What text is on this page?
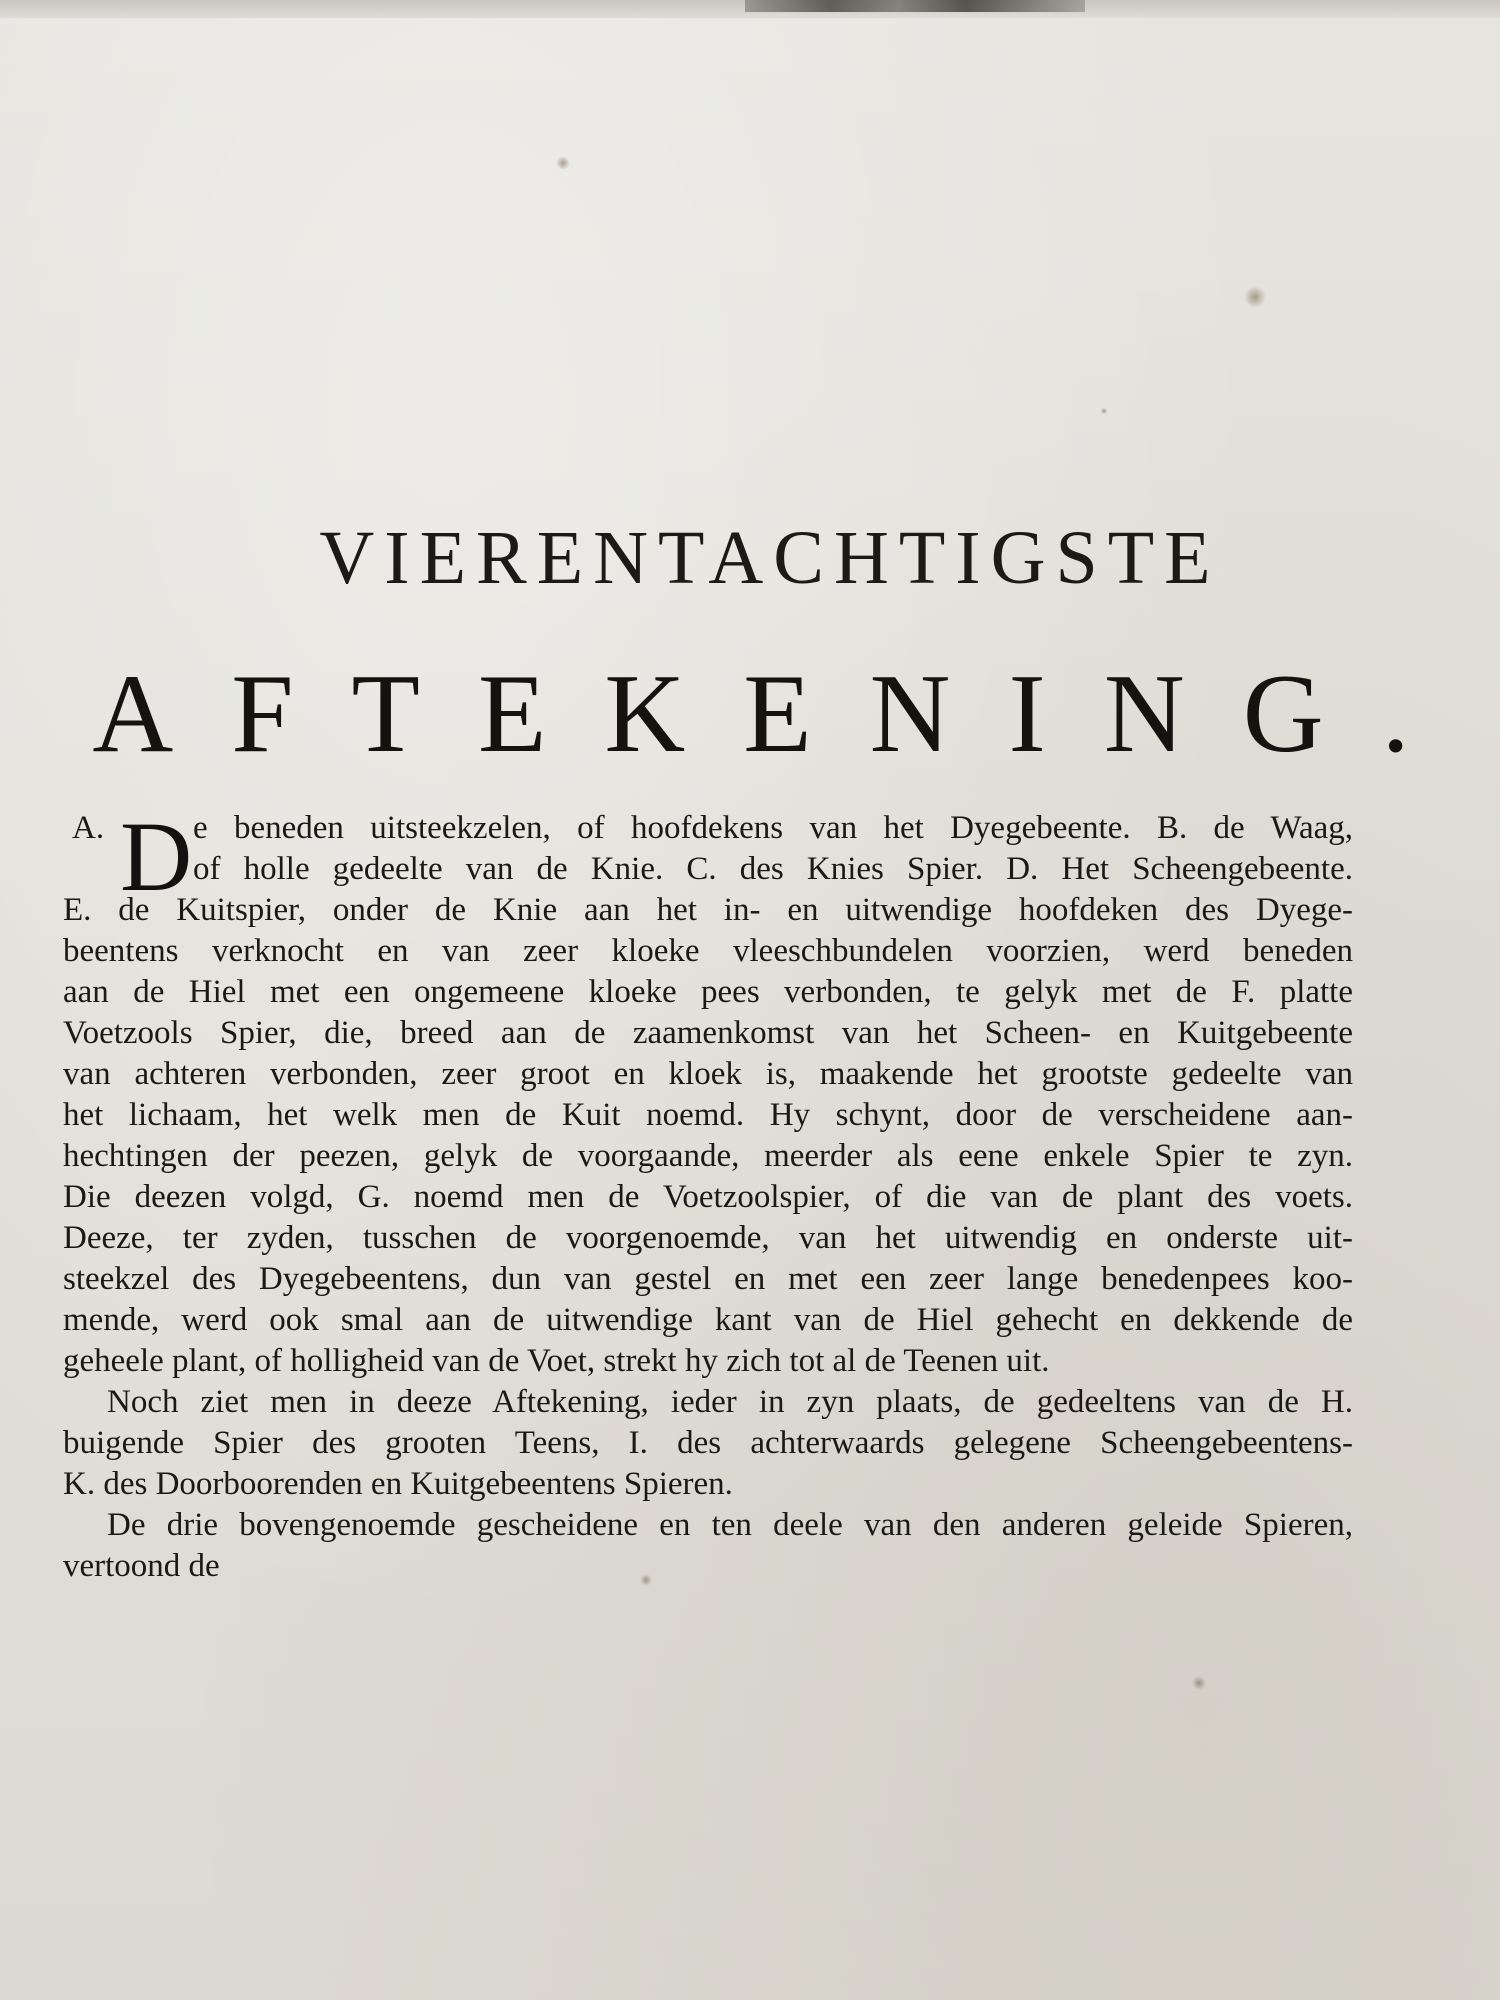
VIERENTACHTIGSTE
AFTEKENING.
A. D e beneden uitsteekzelen, of hoofdekens van het Dyegebeente. B. de Waag,
of holle gedeelte van de Knie. C. des Knies Spier. D. Het Scheengebeente.
E. de Kuitspier, onder de Knie aan het in- en uitwendige hoofdeken des Dyege-
beentens verknocht en van zeer kloeke vleeschbundelen voorzien, werd beneden
aan de Hiel met een ongemeene kloeke pees verbonden, te gelyk met de F. platte
Voetzools Spier, die, breed aan de zaamenkomst van het Scheen- en Kuitgebeente
van achteren verbonden, zeer groot en kloek is, maakende het grootste gedeelte van
het lichaam, het welk men de Kuit noemd. Hy schynt, door de verscheidene aan-
hechtingen der peezen, gelyk de voorgaande, meerder als eene enkele Spier te zyn.
Die deezen volgd, G. noemd men de Voetzoolspier, of die van de plant des voets.
Deeze, ter zyden, tusschen de voorgenoemde, van het uitwendig en onderste uit-
steekzel des Dyegebeentens, dun van gestel en met een zeer lange benedenpees koo-
mende, werd ook smal aan de uitwendige kant van de Hiel gehecht en dekkende de
geheele plant, of holligheid van de Voet, strekt hy zich tot al de Teenen uit.
Noch ziet men in deeze Aftekening, ieder in zyn plaats, de gedeeltens van de H.
buigende Spier des grooten Teens, I. des achterwaards gelegene Scheengebeentens-
K. des Doorboorenden en Kuitgebeentens Spieren.
De drie bovengenoemde gescheidene en ten deele van den anderen geleide Spieren,
vertoond de
